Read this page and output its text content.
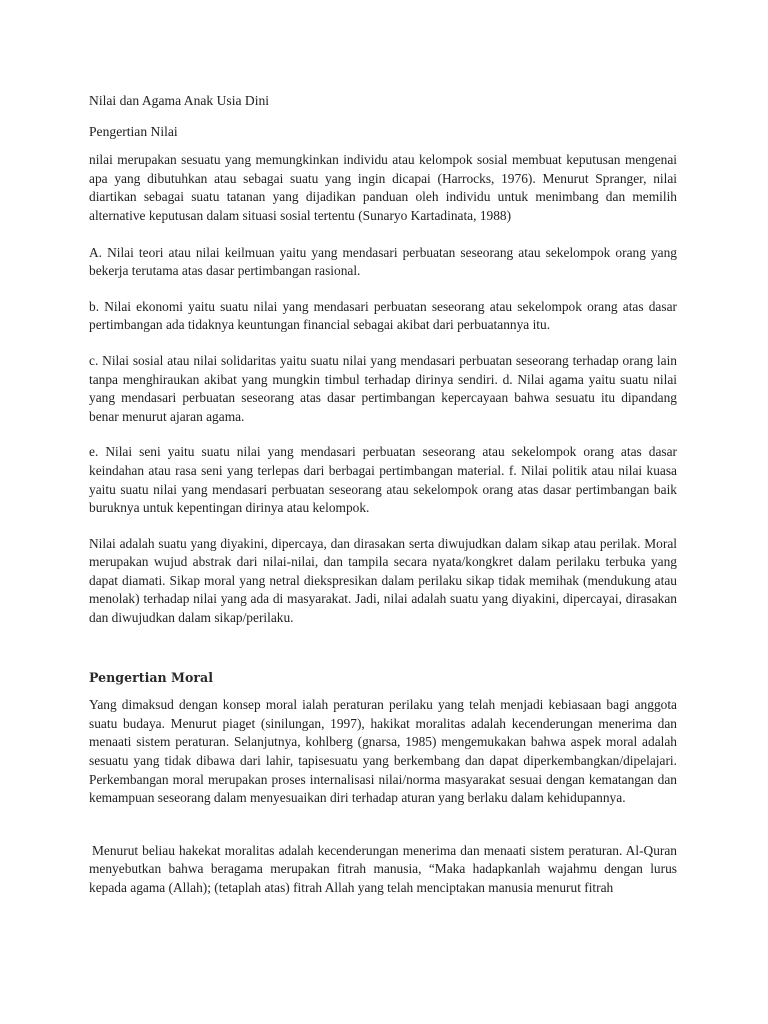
Nilai dan Agama Anak Usia Dini

Pengertian Nilai

nilai merupakan sesuatu yang memungkinkan individu atau kelompok sosial membuat keputusan mengenai apa yang dibutuhkan atau sebagai suatu yang ingin dicapai (Harrocks, 1976). Menurut Spranger, nilai diartikan sebagai suatu tatanan yang dijadikan panduan oleh individu untuk menimbang dan memilih alternative keputusan dalam situasi sosial tertentu (Sunaryo Kartadinata, 1988)

A. Nilai teori atau nilai keilmuan yaitu yang mendasari perbuatan seseorang atau sekelompok orang yang bekerja terutama atas dasar pertimbangan rasional.

b. Nilai ekonomi yaitu suatu nilai yang mendasari perbuatan seseorang atau sekelompok orang atas dasar pertimbangan ada tidaknya keuntungan financial sebagai akibat dari perbuatannya itu.

c. Nilai sosial atau nilai solidaritas yaitu suatu nilai yang mendasari perbuatan seseorang terhadap orang lain tanpa menghiraukan akibat yang mungkin timbul terhadap dirinya sendiri. d. Nilai agama yaitu suatu nilai yang mendasari perbuatan seseorang atas dasar pertimbangan kepercayaan bahwa sesuatu itu dipandang benar menurut ajaran agama.

e. Nilai seni yaitu suatu nilai yang mendasari perbuatan seseorang atau sekelompok orang atas dasar keindahan atau rasa seni yang terlepas dari berbagai pertimbangan material. f. Nilai politik atau nilai kuasa yaitu suatu nilai yang mendasari perbuatan seseorang atau sekelompok orang atas dasar pertimbangan baik buruknya untuk kepentingan dirinya atau kelompok.

Nilai adalah suatu yang diyakini, dipercaya, dan dirasakan serta diwujudkan dalam sikap atau perilak. Moral merupakan wujud abstrak dari nilai-nilai, dan tampila secara nyata/kongkret dalam perilaku terbuka yang dapat diamati. Sikap moral yang netral diekspresikan dalam perilaku sikap tidak memihak (mendukung atau menolak) terhadap nilai yang ada di masyarakat. Jadi, nilai adalah suatu yang diyakini, dipercayai, dirasakan dan diwujudkan dalam sikap/perilaku.

Pengertian Moral

Yang dimaksud dengan konsep moral ialah peraturan perilaku yang telah menjadi kebiasaan bagi anggota suatu budaya. Menurut piaget (sinilungan, 1997), hakikat moralitas adalah kecenderungan menerima dan menaati sistem peraturan. Selanjutnya, kohlberg (gnarsa, 1985) mengemukakan bahwa aspek moral adalah sesuatu yang tidak dibawa dari lahir, tapisesuatu yang berkembang dan dapat diperkembangkan/dipelajari. Perkembangan moral merupakan proses internalisasi nilai/norma masyarakat sesuai dengan kematangan dan kemampuan seseorang dalam menyesuaikan diri terhadap aturan yang berlaku dalam kehidupannya.

Menurut beliau hakekat moralitas adalah kecenderungan menerima dan menaati sistem peraturan. Al-Quran menyebutkan bahwa beragama merupakan fitrah manusia, “Maka hadapkanlah wajahmu dengan lurus kepada agama (Allah); (tetaplah atas) fitrah Allah yang telah menciptakan manusia menurut fitrah
